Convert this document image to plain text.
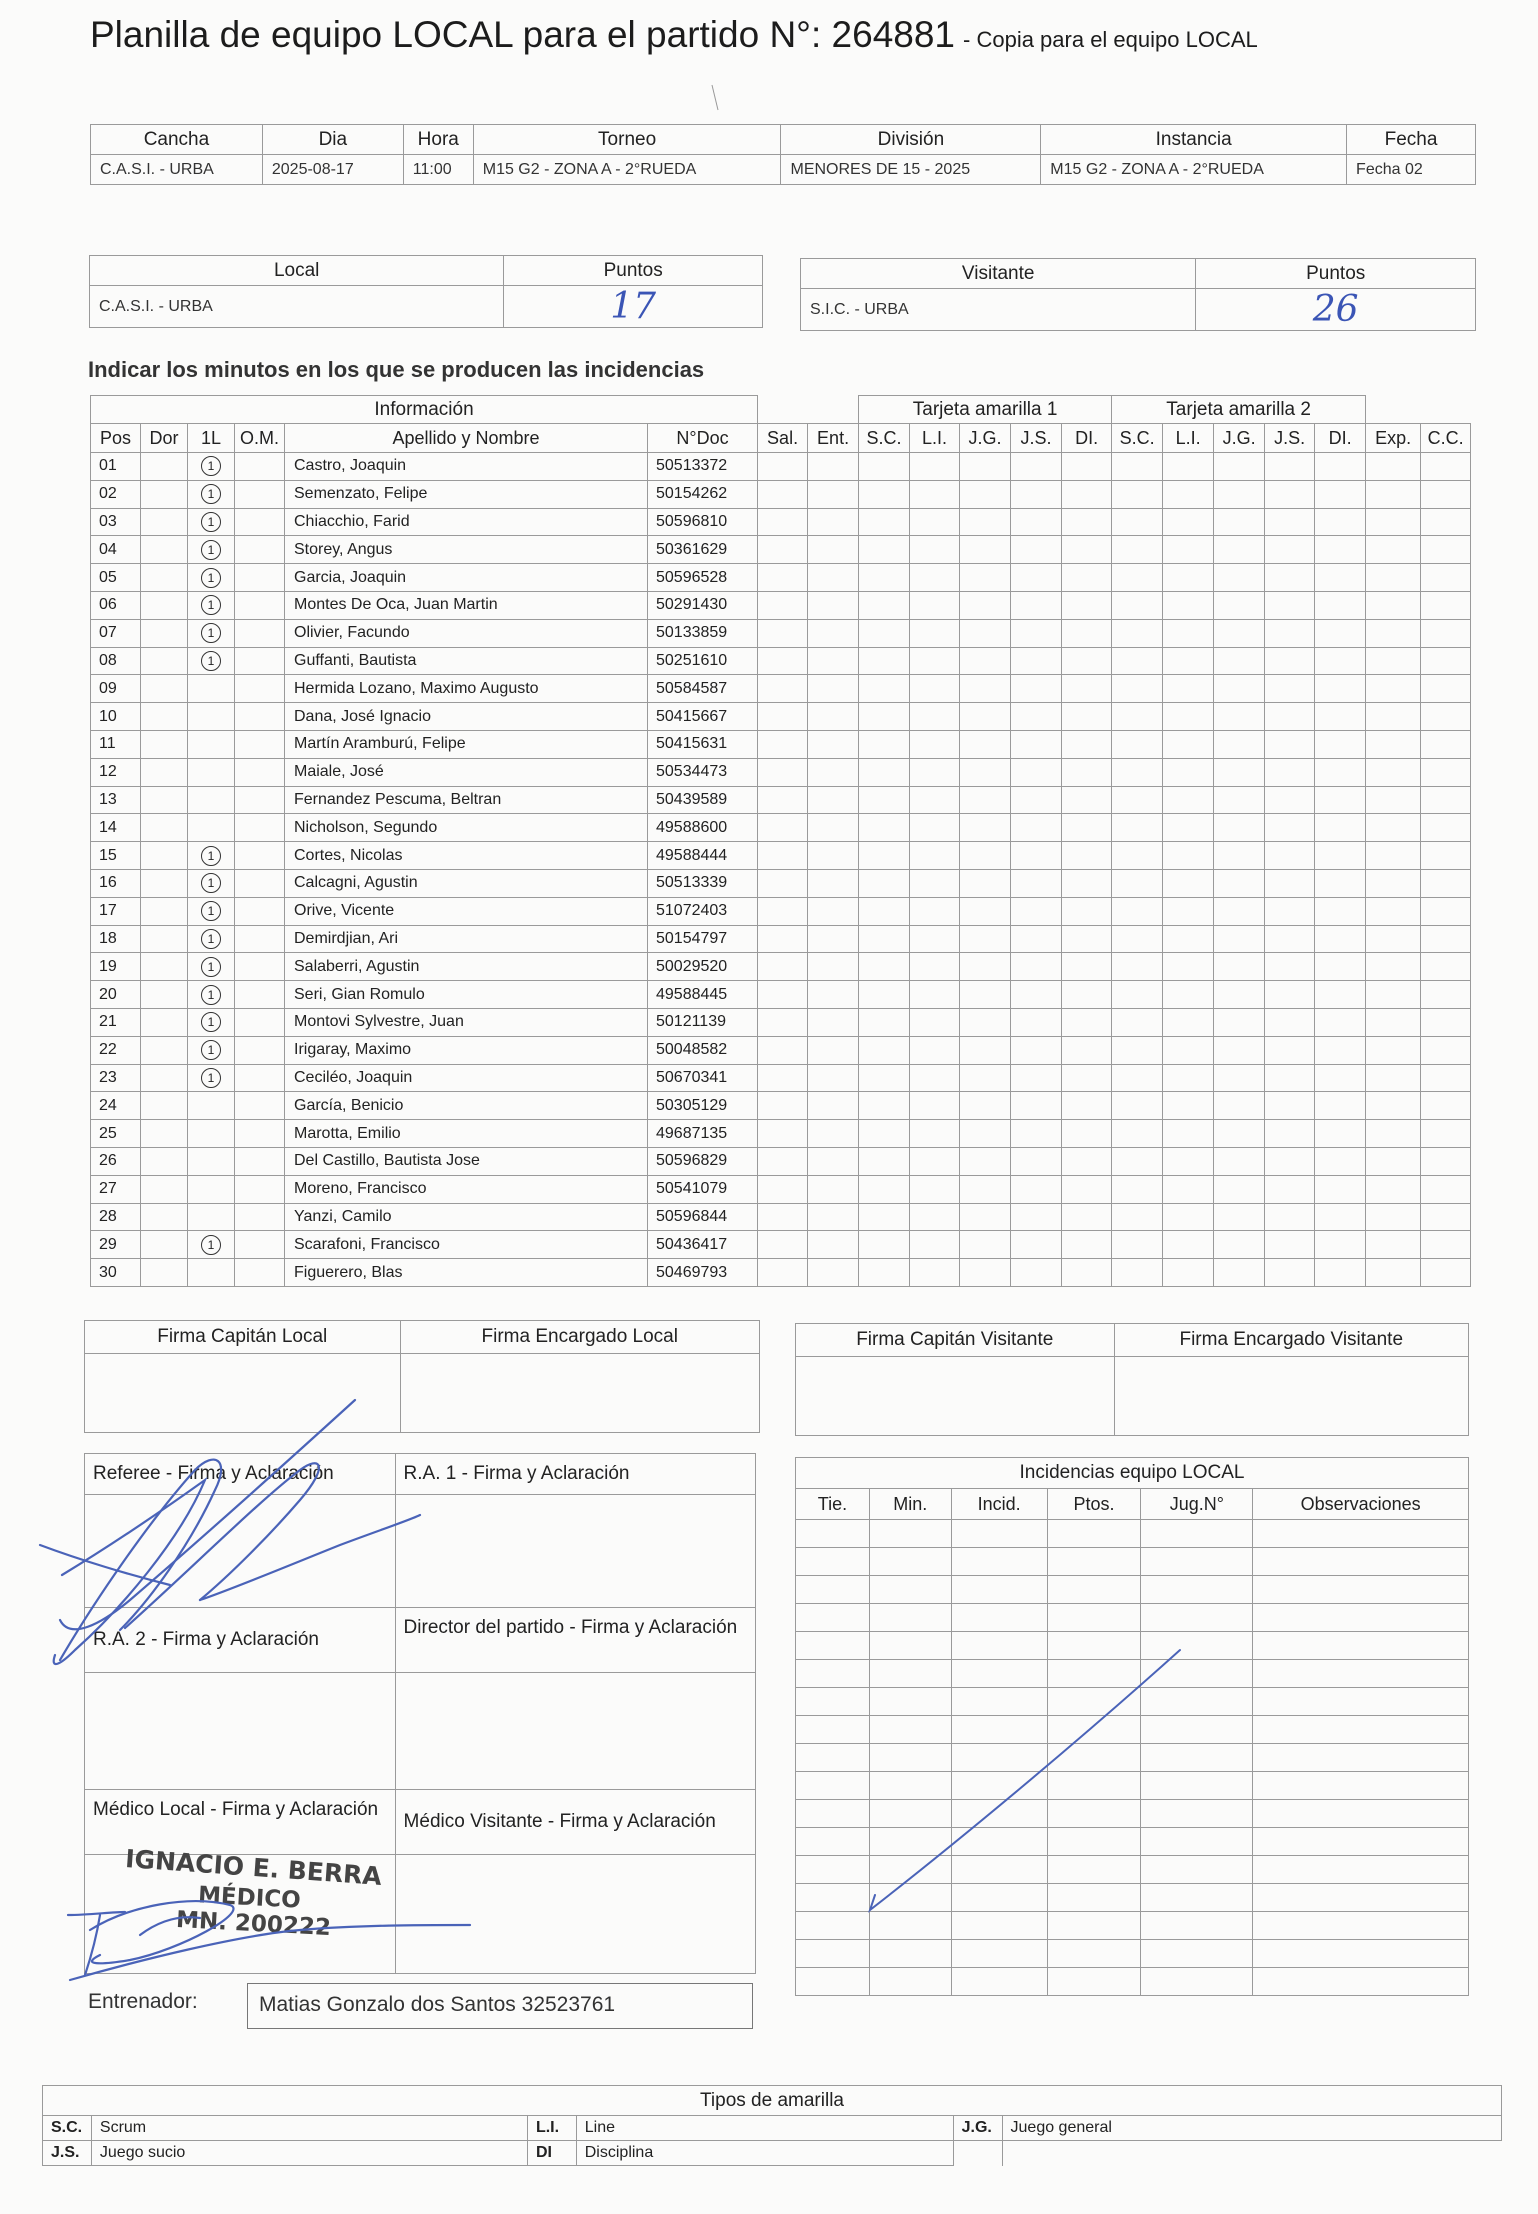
Planilla de equipo LOCAL para el partido N°: 264881 - Copia para el equipo LOCAL
Cancha	Dia	Hora	Torneo	División	Instancia	Fecha
C.A.S.I. - URBA	2025-08-17	11:00	M15 G2 - ZONA A - 2°RUEDA	MENORES DE 15 - 2025	M15 G2 - ZONA A - 2°RUEDA	Fecha 02
Local	Puntos
C.A.S.I. - URBA	17
Visitante	Puntos
S.I.C. - URBA	26
Indicar los minutos en los que se producen las incidencias
Información								Tarjeta amarilla 1					Tarjeta amarilla 2						
Pos	Dor	1L	O.M.	Apellido y Nombre	N°Doc	Sal.	Ent.	S.C.	L.I.	J.G.	J.S.	DI.	S.C.	L.I.	J.G.	J.S.	DI.	Exp.	C.C.
01		1		Castro, Joaquin	50513372														
02		1		Semenzato, Felipe	50154262														
03		1		Chiacchio, Farid	50596810														
04		1		Storey, Angus	50361629														
05		1		Garcia, Joaquin	50596528														
06		1		Montes De Oca, Juan Martin	50291430														
07		1		Olivier, Facundo	50133859														
08		1		Guffanti, Bautista	50251610														
09				Hermida Lozano, Maximo Augusto	50584587														
10				Dana, José Ignacio	50415667														
11				Martín Aramburú, Felipe	50415631														
12				Maiale, José	50534473														
13				Fernandez Pescuma, Beltran	50439589														
14				Nicholson, Segundo	49588600														
15		1		Cortes, Nicolas	49588444														
16		1		Calcagni, Agustin	50513339														
17		1		Orive, Vicente	51072403														
18		1		Demirdjian, Ari	50154797														
19		1		Salaberri, Agustin	50029520														
20		1		Seri, Gian Romulo	49588445														
21		1		Montovi Sylvestre, Juan	50121139														
22		1		Irigaray, Maximo	50048582														
23		1		Ceciléo, Joaquin	50670341														
24				García, Benicio	50305129														
25				Marotta, Emilio	49687135														
26				Del Castillo, Bautista Jose	50596829														
27				Moreno, Francisco	50541079														
28				Yanzi, Camilo	50596844														
29		1		Scarafoni, Francisco	50436417														
30				Figuerero, Blas	50469793														
Firma Capitán Local	Firma Encargado Local
		Firma Capitán Visitante	Firma Encargado Visitante

Referee - Firma y Aclaración	R.A. 1 - Firma y Aclaración

R.A. 2 - Firma y Aclaración	Director del partido - Firma y Aclaración

Médico Local - Firma y Aclaración	Médico Visitante - Firma y Aclaración

IGNACIO E. BERRA
MÉDICO
MN. 200222
Incidencias equipo LOCAL					
Tie.	Min.	Incid.	Ptos.	Jug.N°	Observaciones

Entrenador:	Matias Gonzalo dos Santos 32523761
Tipos de amarilla					
S.C.	Scrum	L.I.	Line	J.G.	Juego general
J.S.	Juego sucio	DI	Disciplina		
